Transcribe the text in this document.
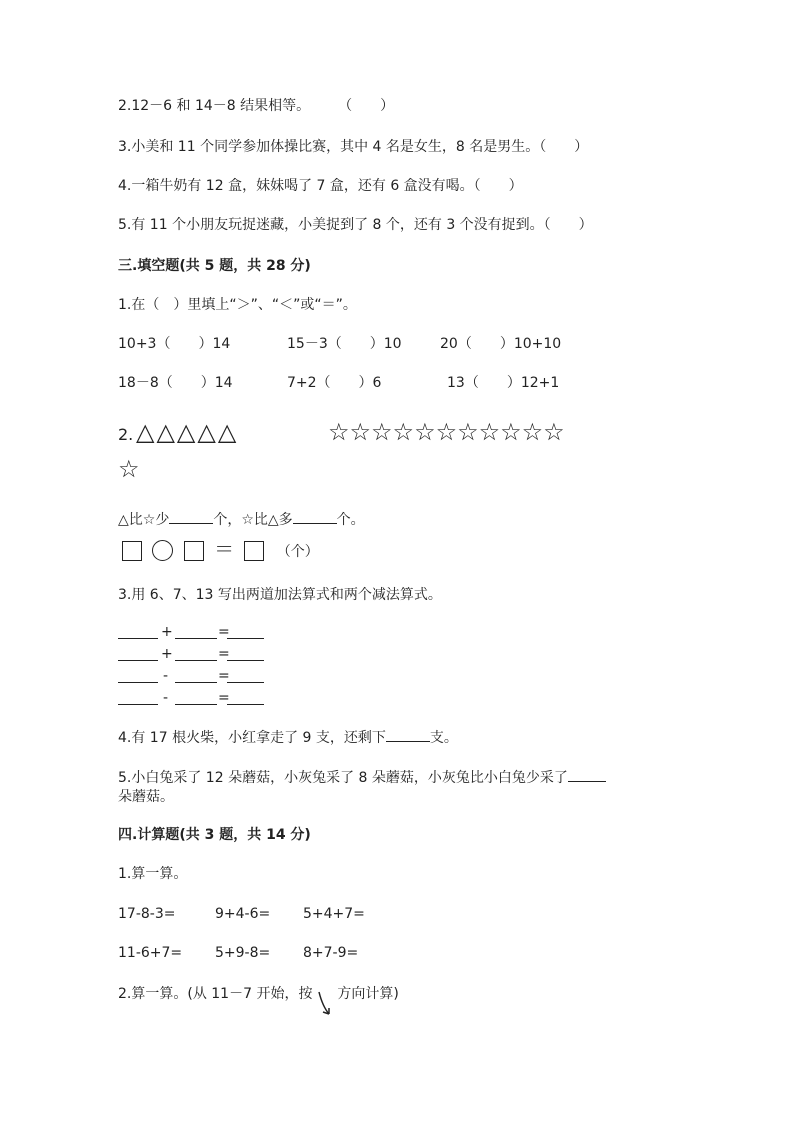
2.12－6 和 14－8 结果相等。　　　（　　）
3.小美和 11 个同学参加体操比赛，其中 4 名是女生，8 名是男生。（　　）
4.一箱牛奶有 12 盒，妹妹喝了 7 盒，还有 6 盒没有喝。（　　）
5.有 11 个小朋友玩捉迷藏，小美捉到了 8 个，还有 3 个没有捉到。（　　）
三.填空题(共 5 题，共 28 分)
1.在（　）里填上“＞”、“＜”或“＝”。
10+3（　　）14	15－3（　　）10	20（　　）10+10
18－8（　　）14	7+2（　　）6	13（　　）12+1
2. △△△△△	☆☆☆☆☆☆☆☆☆☆☆
☆
△比☆少	个，☆比△多	个。
＝	（个）
3.用 6、7、13 写出两道加法算式和两个减法算式。
+	=
+	=
-	=
-	=
4.有 17 根火柴，小红拿走了 9 支，还剩下	支。
5.小白兔采了 12 朵蘑菇，小灰兔采了 8 朵蘑菇，小灰兔比小白兔少采了
朵蘑菇。
四.计算题(共 3 题，共 14 分)
1.算一算。
17-8-3=	9+4-6= 5+4+7=
11-6+7= 5+9-8= 8+7-9=
2.算一算。(从 11－7 开始，按 方向计算)
